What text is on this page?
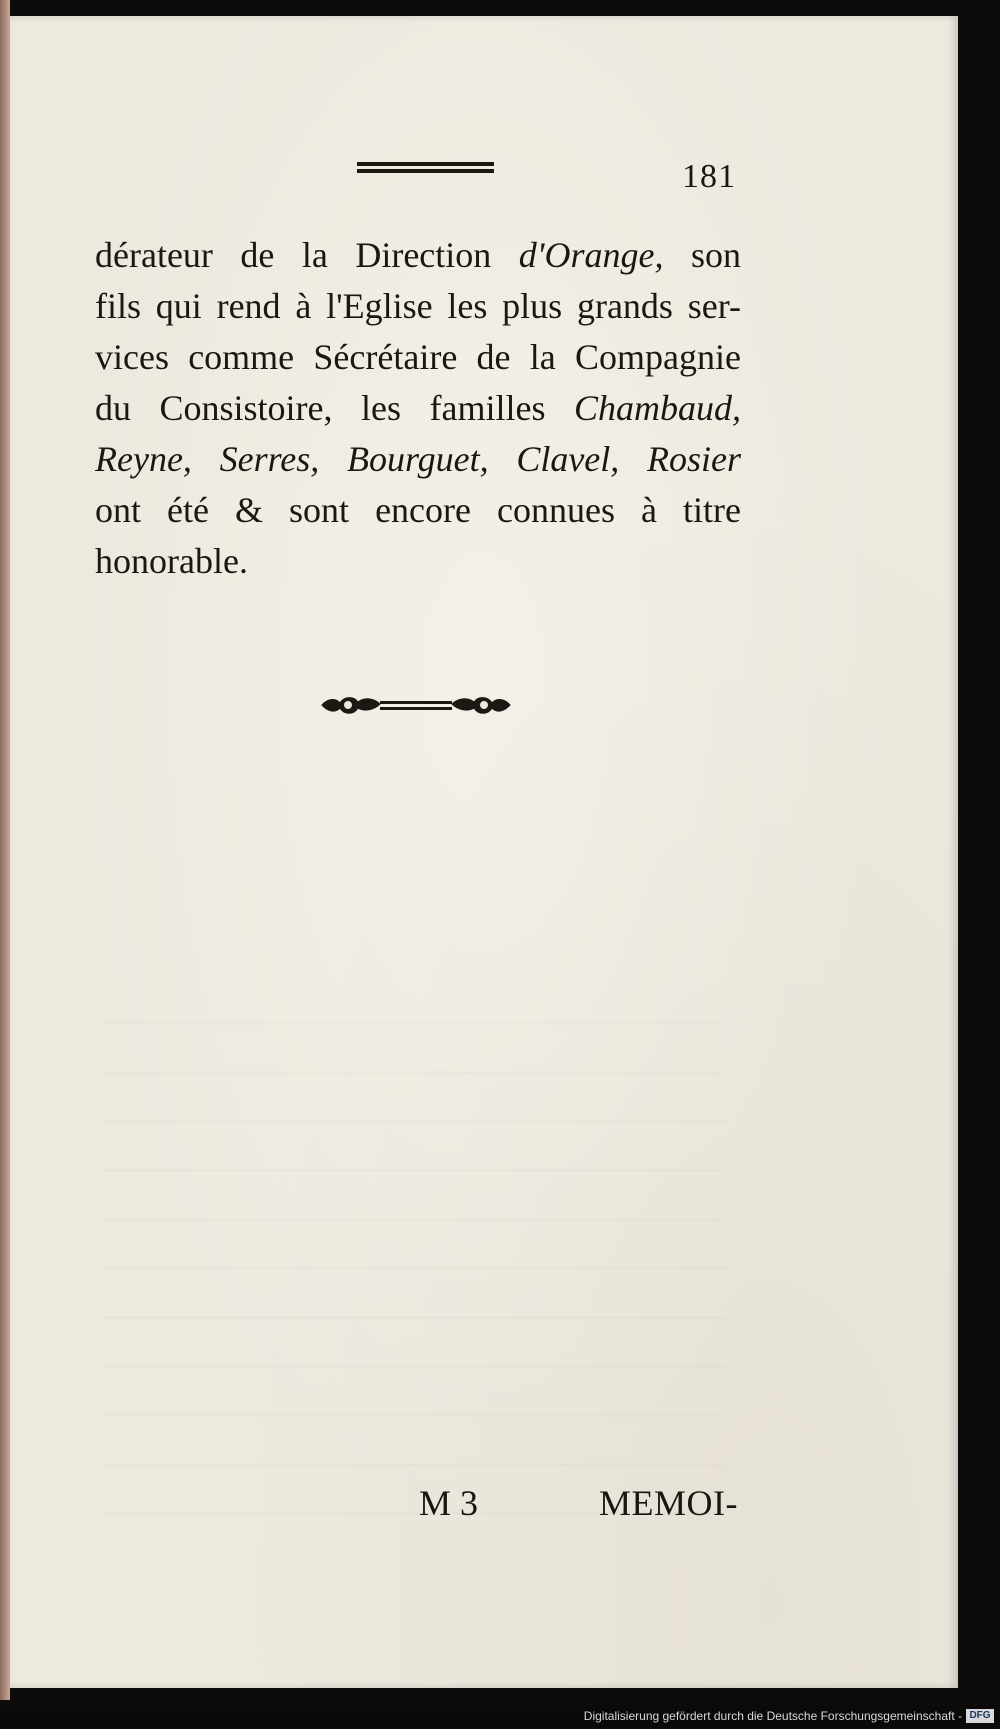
181
dérateur de la Direction d'Orange, son
fils qui rend à l'Eglise les plus grands ser-
vices comme Sécrétaire de la Compagnie
du Consistoire, les familles Chambaud,
Reyne, Serres, Bourguet, Clavel, Rosier
ont été & sont encore connues à titre
honorable.
M 3	MEMOI-
Digitalisierung gefördert durch die Deutsche Forschungsgemeinschaft - DFG
